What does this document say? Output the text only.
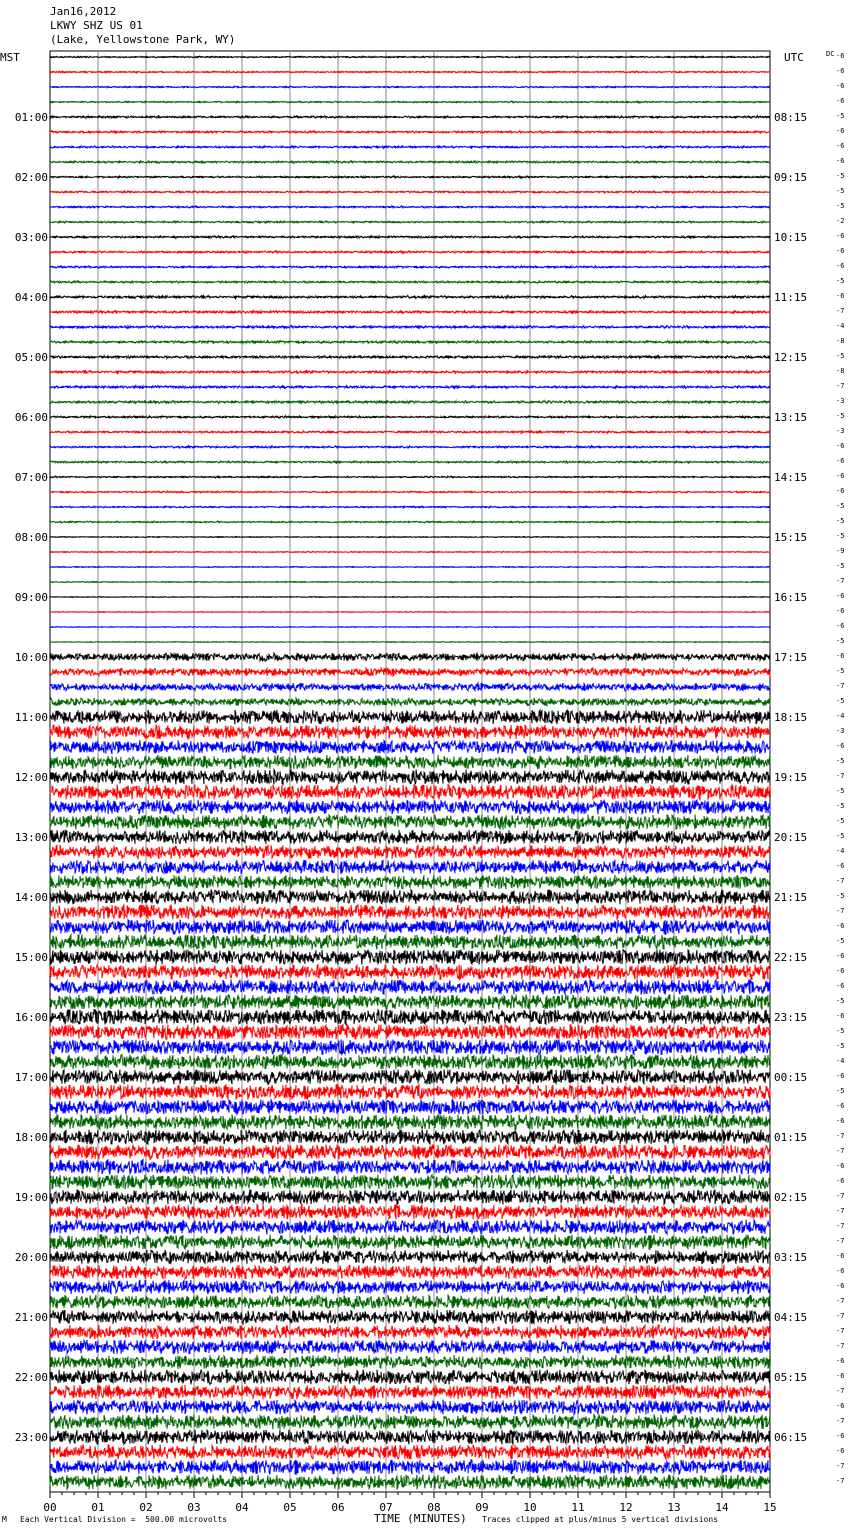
Jan16,2012
LKWY SHZ US 01
(Lake, Yellowstone Park, WY)
MST	UTC	DC -6
-6
-6
-6
-5
-6
-6
-6
-5
-5
-5
-2
-6
-6
-6
-5
-6
-7
-4
-8
-5
-8
-7
-3
-5
-3
-6
-6
-6
-6
-5
-5
-5
-9
-5
-7
-6
-6
-6
-5
-6
-5
-7
-5
-4
-3
-6
-5
-7
-5
-5
-5
-5
-4
-6
-7
-5
-7
-6
-5
-6
-6
-6
-5
-6
-5
-5
-4
-6
-5
-6
-6
-7
-7
-6
-6
-7
-7
-7
-7
-6
-6
-6
-7
-7
-7
-7
-6
-6
-7
-6
-7
-6
-6
-7
-7
00	01	02	03	04	05	06	07	08	09	10	11	12	13	14	15
01:00
02:00
03:00
04:00
05:00
06:00
07:00
08:00
09:00
10:00
11:00
12:00
13:00
14:00
15:00
16:00
17:00
18:00
19:00
20:00
21:00
22:00
23:00
08:15
09:15
10:15
11:15
12:15
13:15
14:15
15:15
16:15
17:15
18:15
19:15
20:15
21:15
22:15
23:15
00:15
01:15
02:15
03:15
04:15
05:15
06:15
TIME (MINUTES)
M Each Vertical Division =  500.00 microvolts	Traces clipped at plus/minus 5 vertical divisions
